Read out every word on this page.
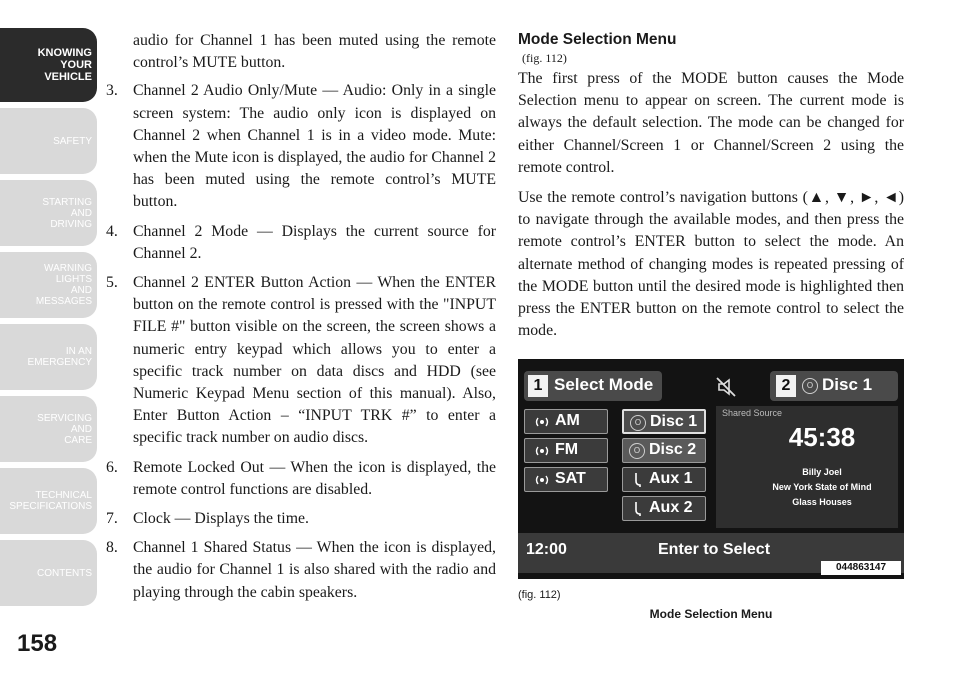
KNOWING
YOUR
VEHICLE
SAFETY
STARTING
AND
DRIVING
WARNING
LIGHTS
AND
MESSAGES
IN AN
EMERGENCY
SERVICING
AND
CARE
TECHNICAL
SPECIFICATIONS
CONTENTS
158

audio for Channel 1 has been muted using the remote control’s MUTE button.

3. Channel 2 Audio Only/Mute — Audio: Only in a single screen system: The audio only icon is displayed on Channel 2 when Channel 1 is in a video mode. Mute: when the Mute icon is displayed, the audio for Channel 2 has been muted using the remote control’s MUTE button.
4. Channel 2 Mode — Displays the current source for Channel 2.
5. Channel 2 ENTER Button Action — When the ENTER button on the remote control is pressed with the "INPUT FILE #" button visible on the screen, the screen shows a numeric entry keypad which allows you to enter a specific track number on data discs and HDD (see Numeric Keypad Menu section of this manual). Also, Enter Button Action – “INPUT TRK #” to enter a specific track number on audio discs.
6. Remote Locked Out — When the icon is displayed, the remote control functions are disabled.
7. Clock — Displays the time.
8. Channel 1 Shared Status — When the icon is displayed, the audio for Channel 1 is also shared with the radio and playing through the cabin speakers.
Mode Selection Menu
(fig. 112)

The first press of the MODE button causes the Mode Selection menu to appear on screen. The current mode is always the default selection. The mode can be changed for either Channel/Screen 1 or Channel/Screen 2 using the remote control.

Use the remote control’s navigation buttons (▲, ▼, ►, ◄) to navigate through the available modes, and then press the remote control’s ENTER button to select the mode. An alternate method of changing modes is repeated pressing of the MODE button until the desired mode is highlighted then press the ENTER button on the remote control to select the mode.

1 Select Mode	2	O Disc 1
AM
FM
SAT
O Disc 1
O Disc 2
Aux 1
Aux 2
Shared Source
45:38
Billy Joel
New York State of Mind
Glass Houses
12:00	Enter to Select
044863147
(fig. 112)
Mode Selection Menu
